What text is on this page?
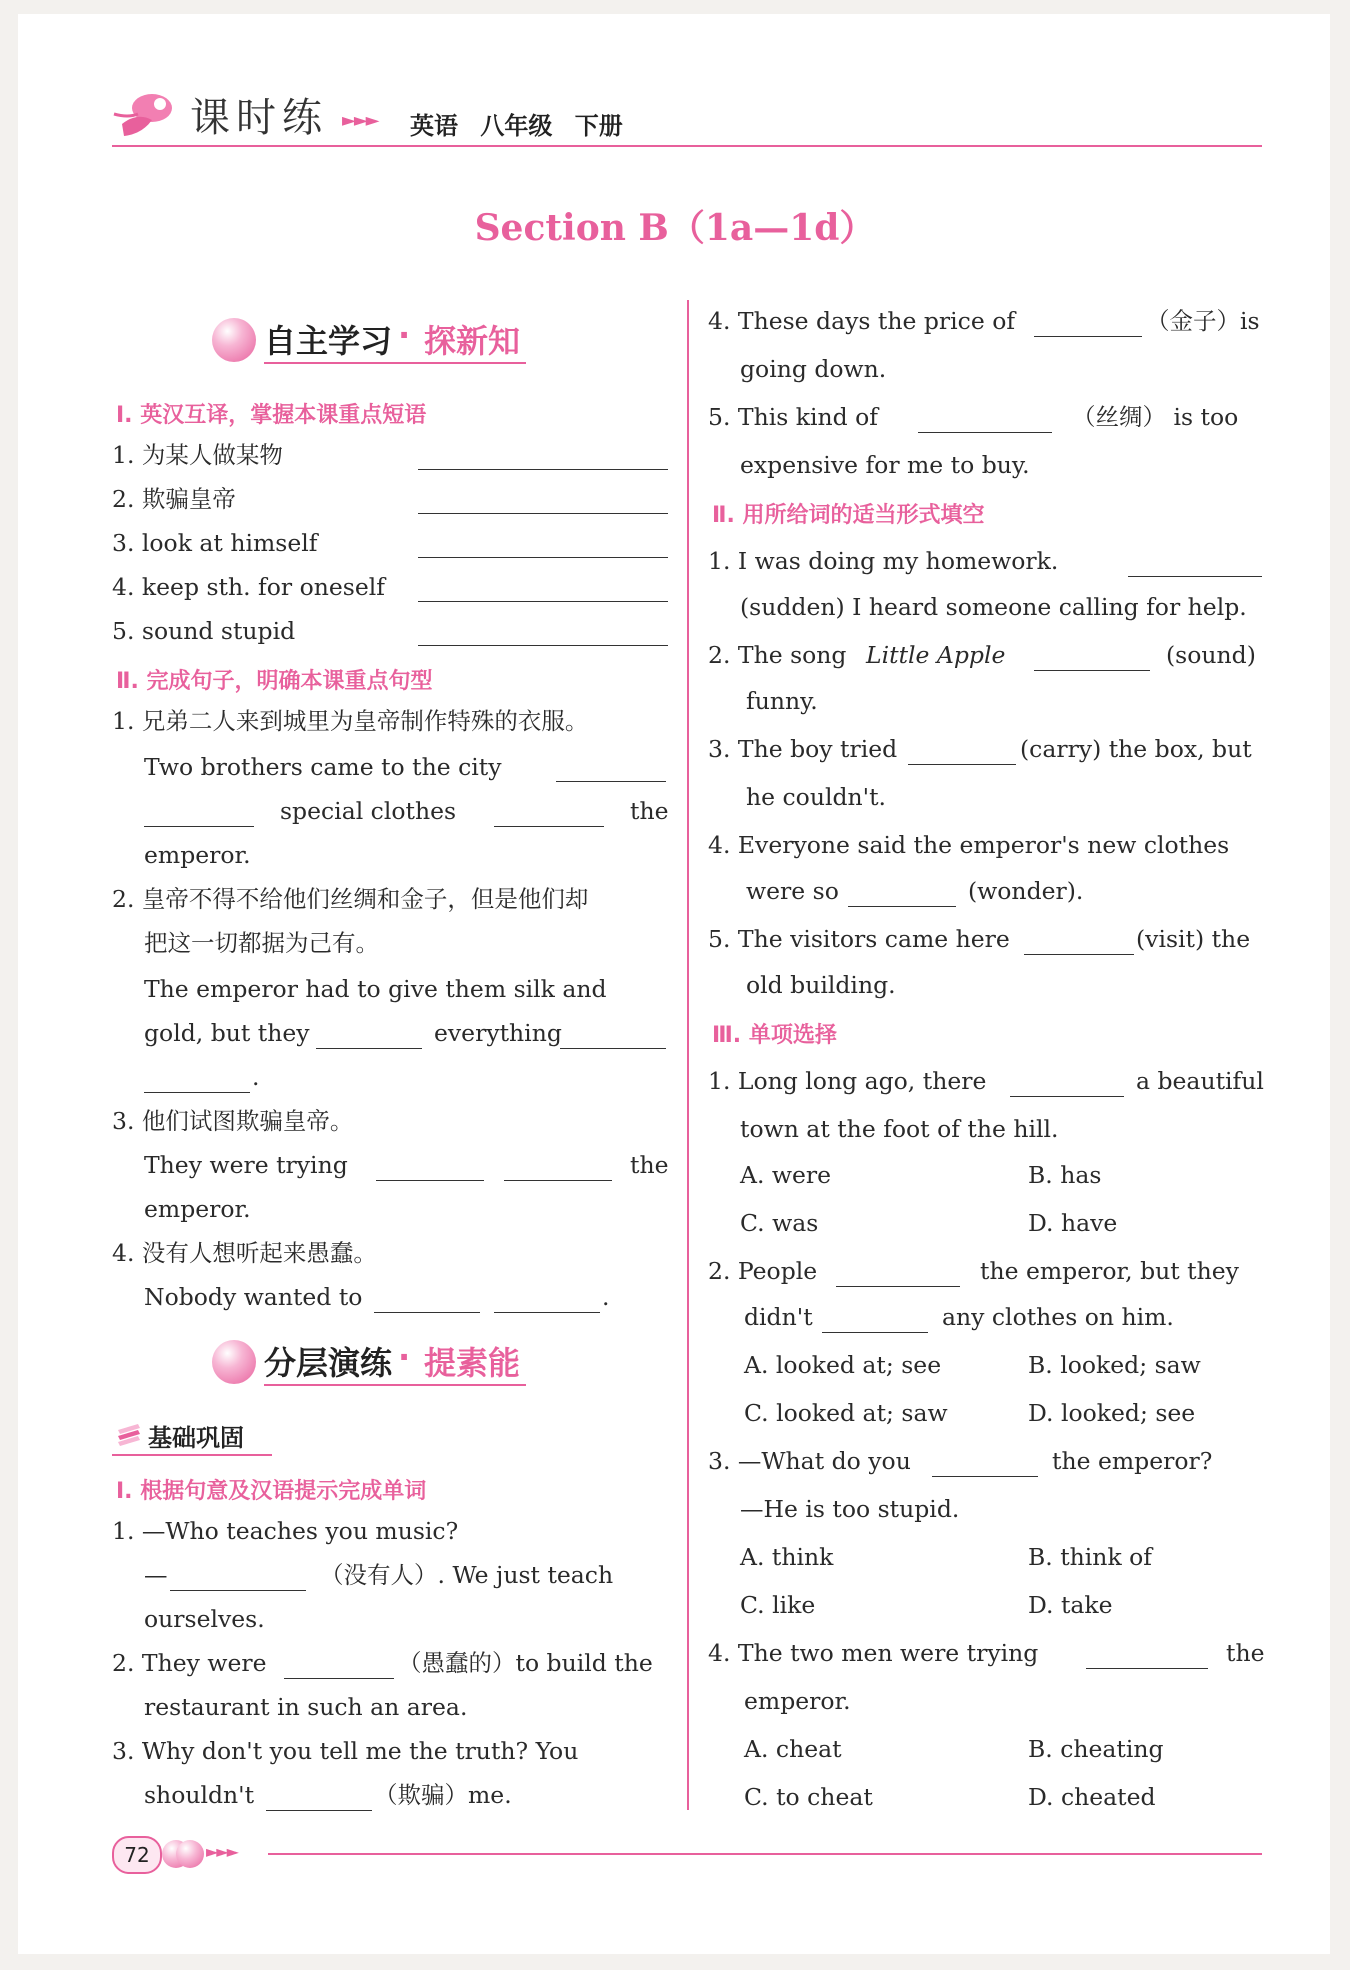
课时练 ►►► 英语 八年级 下册
Section B（1a—1d）
自主学习 · 探新知
Ⅰ. 英汉互译，掌握本课重点短语
1. 为某人做某物
2. 欺骗皇帝
3. look at himself
4. keep sth. for oneself
5. sound stupid
Ⅱ. 完成句子，明确本课重点句型
1. 兄弟二人来到城里为皇帝制作特殊的衣服。
Two brothers came to the city
special clothes	the
emperor.
2. 皇帝不得不给他们丝绸和金子，但是他们却
把这一切都据为己有。
The emperor had to give them silk and
gold, but they	everything
.
3. 他们试图欺骗皇帝。
They were trying	the
emperor.
4. 没有人想听起来愚蠢。
Nobody wanted to	.
分层演练 · 提素能
基础巩固
Ⅰ. 根据句意及汉语提示完成单词
1. —Who teaches you music?
—	（没有人）. We just teach
ourselves.
2. They were	（愚蠢的）to build the
restaurant in such an area.
3. Why don't you tell me the truth? You
shouldn't	（欺骗）me.
4. These days the price of	（金子）is
going down.
5. This kind of	（丝绸） is too
expensive for me to buy.
Ⅱ. 用所给词的适当形式填空
1. I was doing my homework.
(sudden) I heard someone calling for help.
2. The song Little Apple	(sound)
funny.
3. The boy tried	(carry) the box, but
he couldn't.
4. Everyone said the emperor's new clothes
were so	(wonder).
5. The visitors came here	(visit) the
old building.
Ⅲ. 单项选择
1. Long long ago, there	a beautiful
town at the foot of the hill.
A. were	B. has
C. was	D. have
2. People	the emperor, but they
didn't	any clothes on him.
A. looked at; see	B. looked; saw
C. looked at; saw	D. looked; see
3. —What do you	the emperor?
—He is too stupid.
A. think	B. think of
C. like	D. take
4. The two men were trying	the
emperor.
A. cheat	B. cheating
C. to cheat	D. cheated
72	►►►
